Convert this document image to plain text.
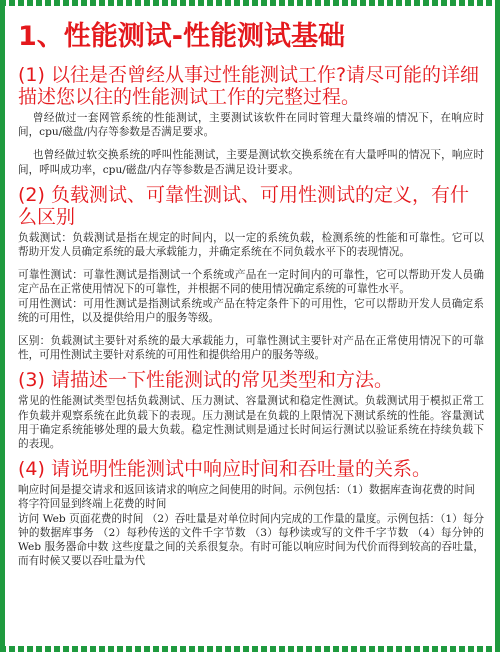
1、性能测试-性能测试基础
(1) 以往是否曾经从事过性能测试工作?请尽可能的详细描述您以往的性能测试工作的完整过程。

曾经做过一套网管系统的性能测试，主要测试该软件在同时管理大量终端的情况下，在响应时间，cpu/磁盘/内存等参数是否满足要求。

也曾经做过软交换系统的呼叫性能测试，主要是测试软交换系统在有大量呼叫的情况下，响应时间，呼叫成功率，cpu/磁盘/内存等参数是否满足设计要求。

(2) 负载测试、可靠性测试、可用性测试的定义，有什么区别

负载测试：负载测试是指在规定的时间内，以一定的系统负载，检测系统的性能和可靠性。它可以帮助开发人员确定系统的最大承载能力，并确定系统在不同负载水平下的表现情况。

可靠性测试：可靠性测试是指测试一个系统或产品在一定时间内的可靠性，它可以帮助开发人员确定产品在正常使用情况下的可靠性，并根据不同的使用情况确定系统的可靠性水平。

可用性测试：可用性测试是指测试系统或产品在特定条件下的可用性，它可以帮助开发人员确定系统的可用性，以及提供给用户的服务等级。

区别：负载测试主要针对系统的最大承载能力，可靠性测试主要针对产品在正常使用情况下的可靠性，可用性测试主要针对系统的可用性和提供给用户的服务等级。

(3) 请描述一下性能测试的常见类型和方法。

常见的性能测试类型包括负载测试、压力测试、容量测试和稳定性测试。负载测试用于模拟正常工作负载并观察系统在此负载下的表现。压力测试是在负载的上限情况下测试系统的性能。容量测试用于确定系统能够处理的最大负载。稳定性测试则是通过长时间运行测试以验证系统在持续负载下的表现。

(4) 请说明性能测试中响应时间和吞吐量的关系。

响应时间是提交请求和返回该请求的响应之间使用的时间。示例包括：（1）数据库查询花费的时间

将字符回显到终端上花费的时间

访问 Web 页面花费的时间 （2）吞吐量是对单位时间内完成的工作量的量度。示例包括：（1）每分钟的数据库事务 （2）每秒传送的文件千字节数 （3）每秒读或写的文件千字节数 （4）每分钟的 Web 服务器命中数 这些度量之间的关系很复杂。有时可能以响应时间为代价而得到较高的吞吐量，而有时候又要以吞吐量为代
